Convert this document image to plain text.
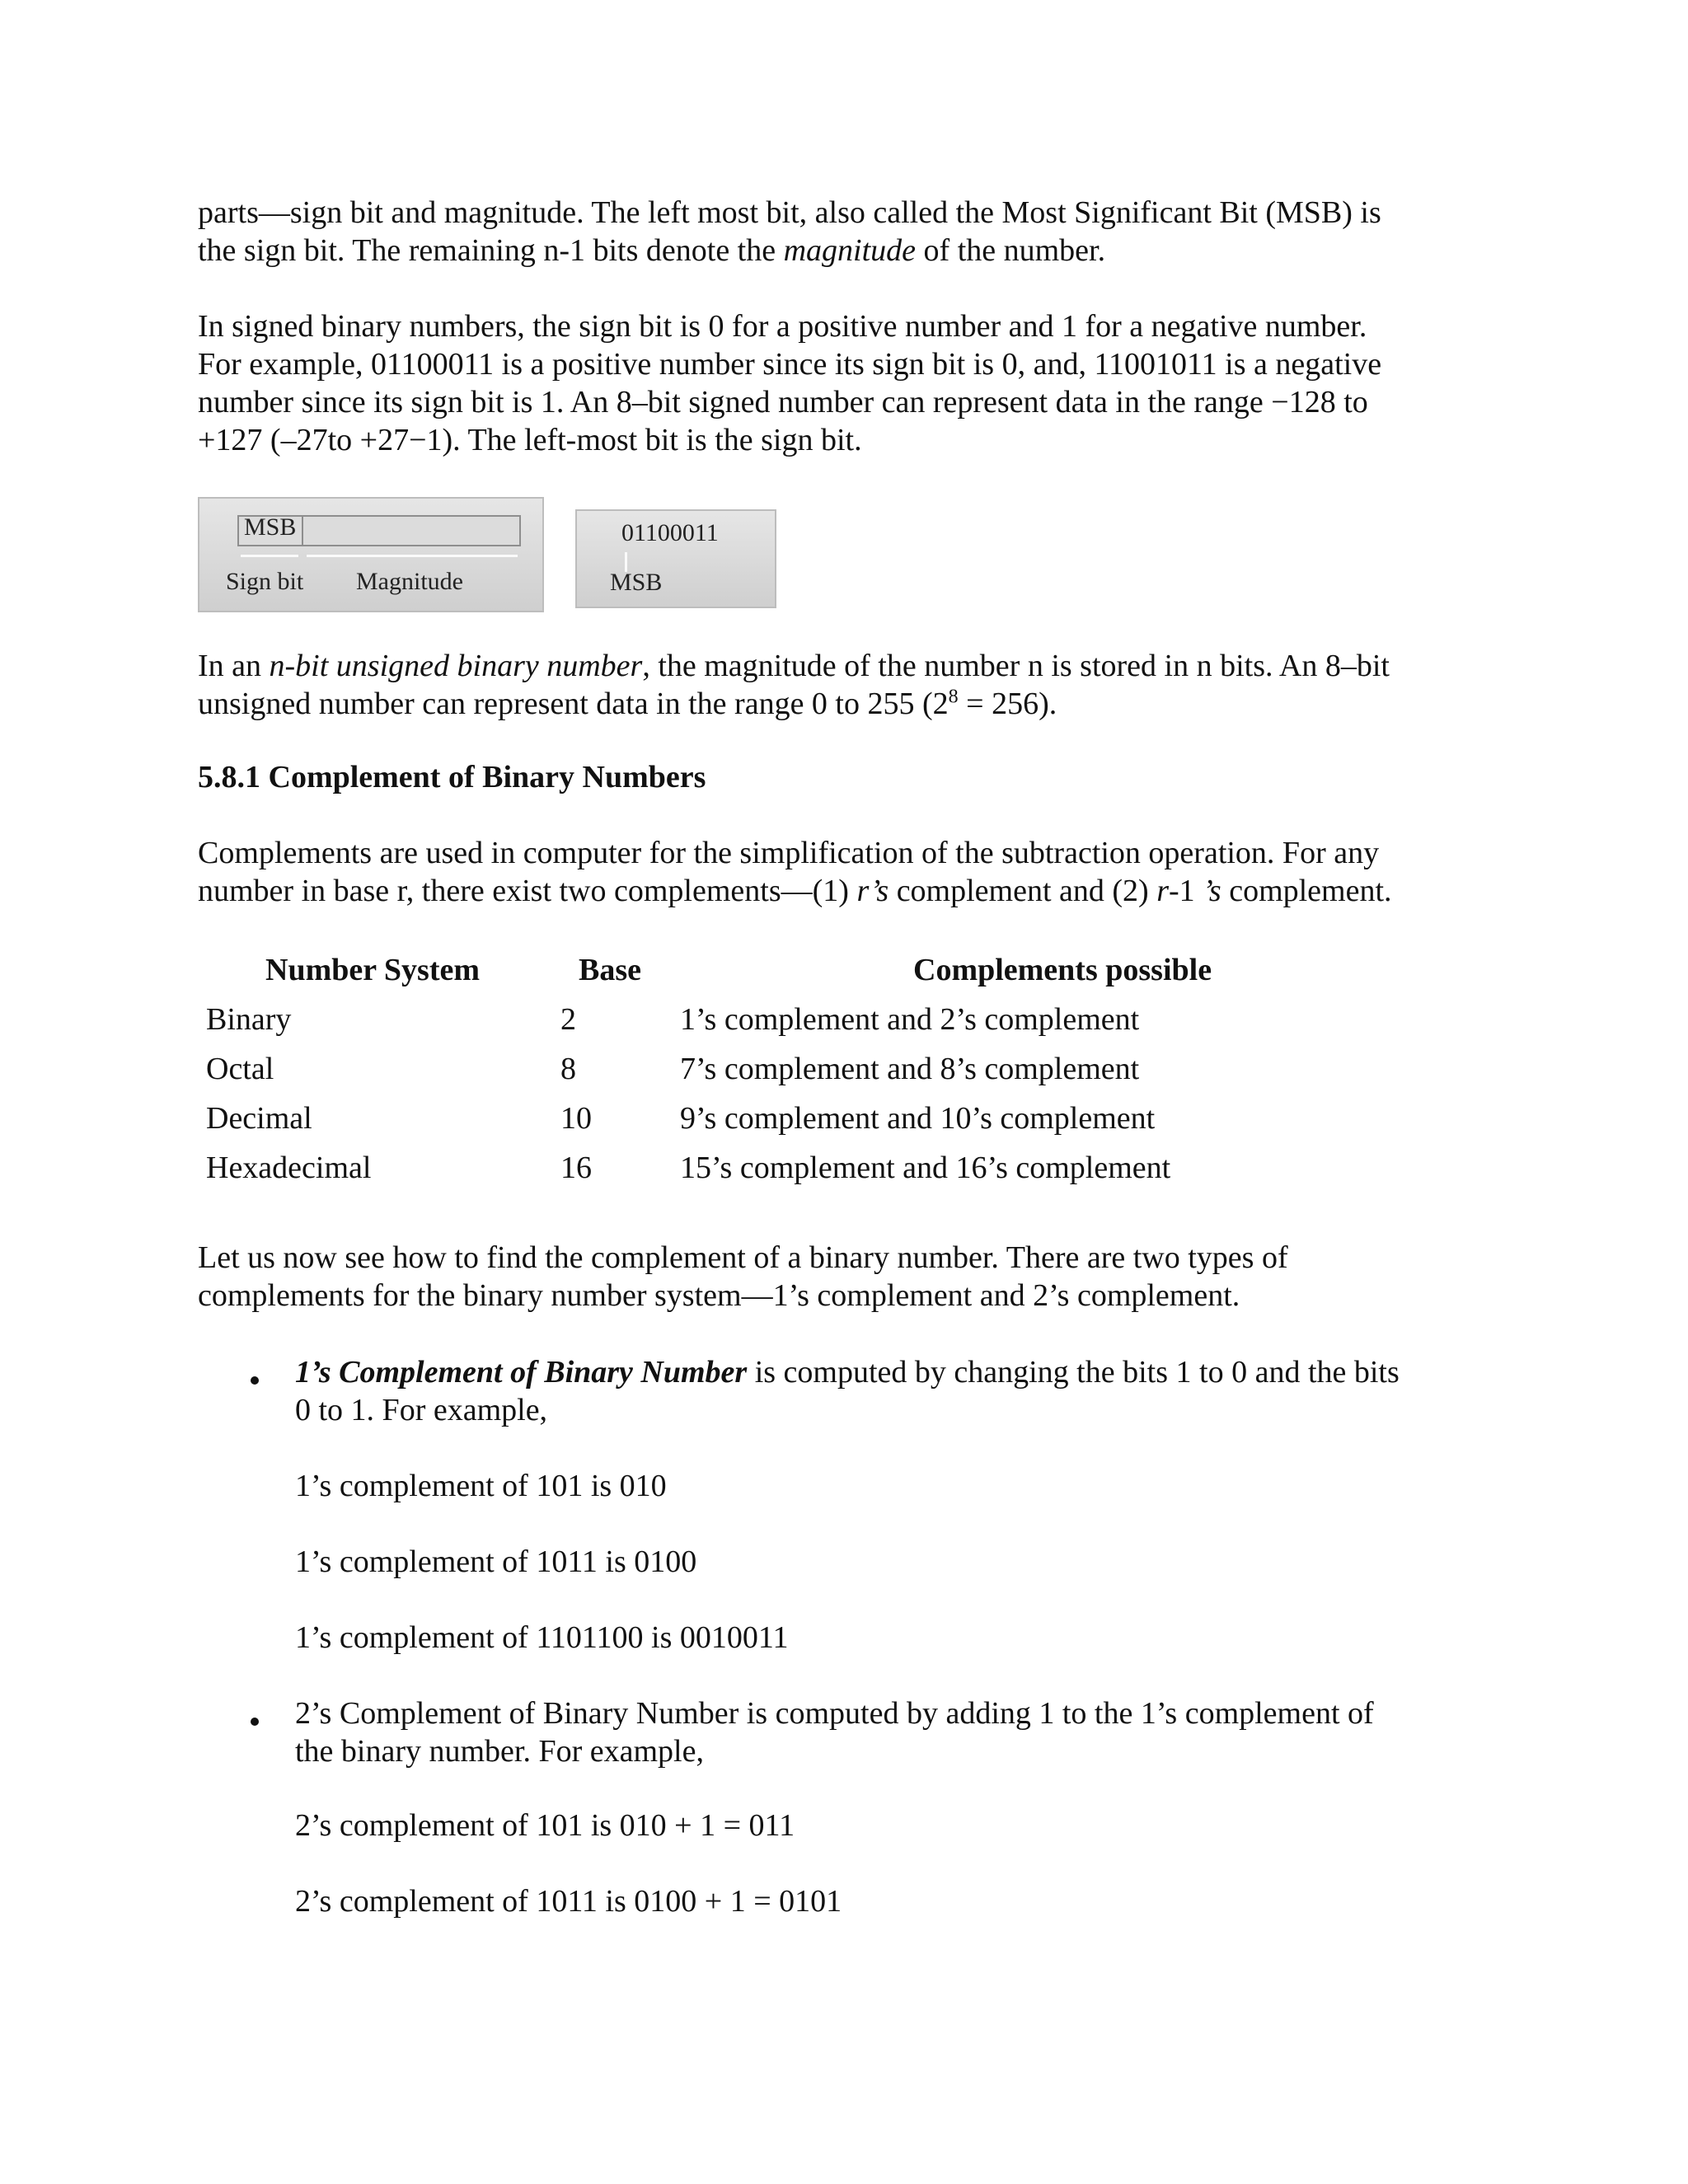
parts—sign bit and magnitude. The left most bit, also called the Most Significant Bit (MSB) is
the sign bit. The remaining n-1 bits denote the magnitude of the number.
In signed binary numbers, the sign bit is 0 for a positive number and 1 for a negative number.
For example, 01100011 is a positive number since its sign bit is 0, and, 11001011 is a negative
number since its sign bit is 1. An 8–bit signed number can represent data in the range −128 to
+127 (–27to +27−1). The left-most bit is the sign bit.
MSB
Sign bit Magnitude
01100011
MSB
In an n-bit unsigned binary number, the magnitude of the number n is stored in n bits. An 8–bit
unsigned number can represent data in the range 0 to 255 $(2^8 = 256)$.
5.8.1 Complement of Binary Numbers
Complements are used in computer for the simplification of the subtraction operation. For any
number in base r, there exist two complements—(1) r’s complement and (2) r-1 ’s complement.
Number System	Base	Complements possible
Binary	2	1’s complement and 2’s complement
Octal	8	7’s complement and 8’s complement
Decimal	10	9’s complement and 10’s complement
Hexadecimal	16	15’s complement and 16’s complement
Let us now see how to find the complement of a binary number. There are two types of
complements for the binary number system—1’s complement and 2’s complement.
1’s Complement of Binary Number is computed by changing the bits 1 to 0 and the bits
0 to 1. For example,
1’s complement of 101 is 010
1’s complement of 1011 is 0100
1’s complement of 1101100 is 0010011
2’s Complement of Binary Number is computed by adding 1 to the 1’s complement of
the binary number. For example,
2’s complement of 101 is 010 + 1 = 011
2’s complement of 1011 is 0100 + 1 = 0101
